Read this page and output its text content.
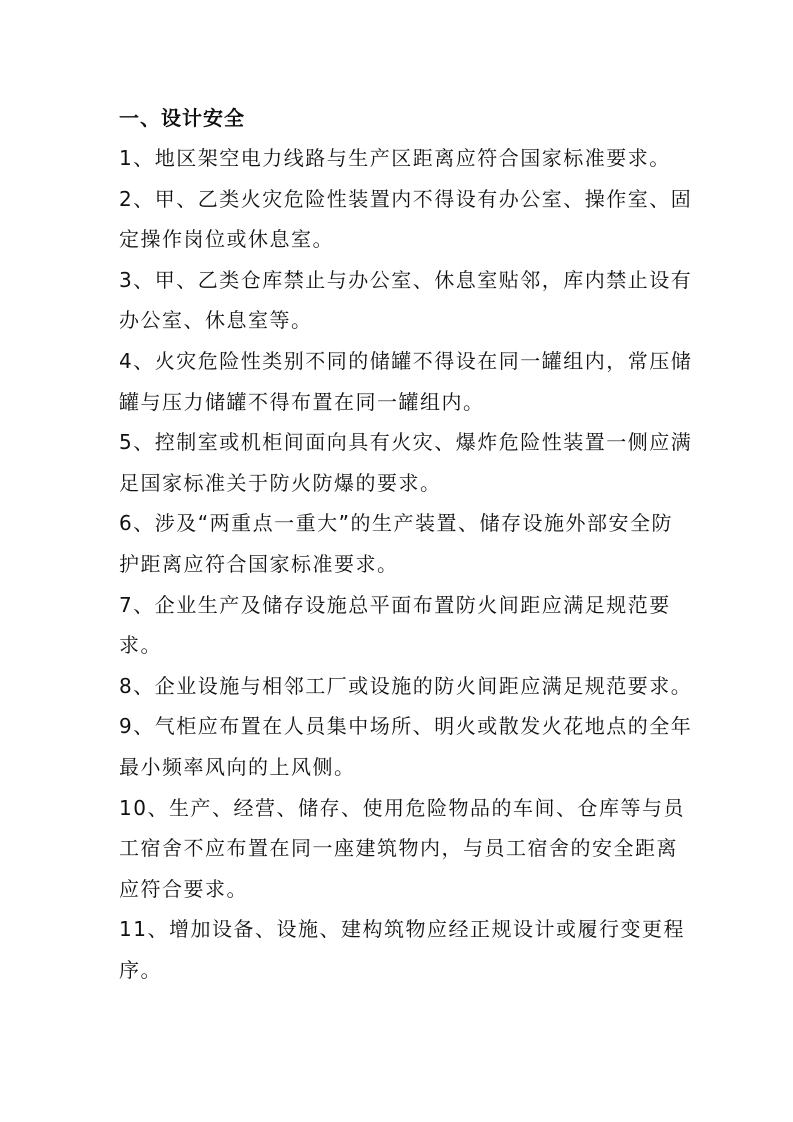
一、设计安全

1、地区架空电力线路与生产区距离应符合国家标准要求。

2、甲、乙类火灾危险性装置内不得设有办公室、操作室、固定操作岗位或休息室。

3、甲、乙类仓库禁止与办公室、休息室贴邻，库内禁止设有办公室、休息室等。

4、火灾危险性类别不同的储罐不得设在同一罐组内，常压储罐与压力储罐不得布置在同一罐组内。

5、控制室或机柜间面向具有火灾、爆炸危险性装置一侧应满足国家标准关于防火防爆的要求。

6、涉及“两重点一重大”的生产装置、储存设施外部安全防护距离应符合国家标准要求。

7、企业生产及储存设施总平面布置防火间距应满足规范要求。

8、企业设施与相邻工厂或设施的防火间距应满足规范要求。

9、气柜应布置在人员集中场所、明火或散发火花地点的全年最小频率风向的上风侧。

10、生产、经营、储存、使用危险物品的车间、仓库等与员工宿舍不应布置在同一座建筑物内，与员工宿舍的安全距离应符合要求。

11、增加设备、设施、建构筑物应经正规设计或履行变更程序。
